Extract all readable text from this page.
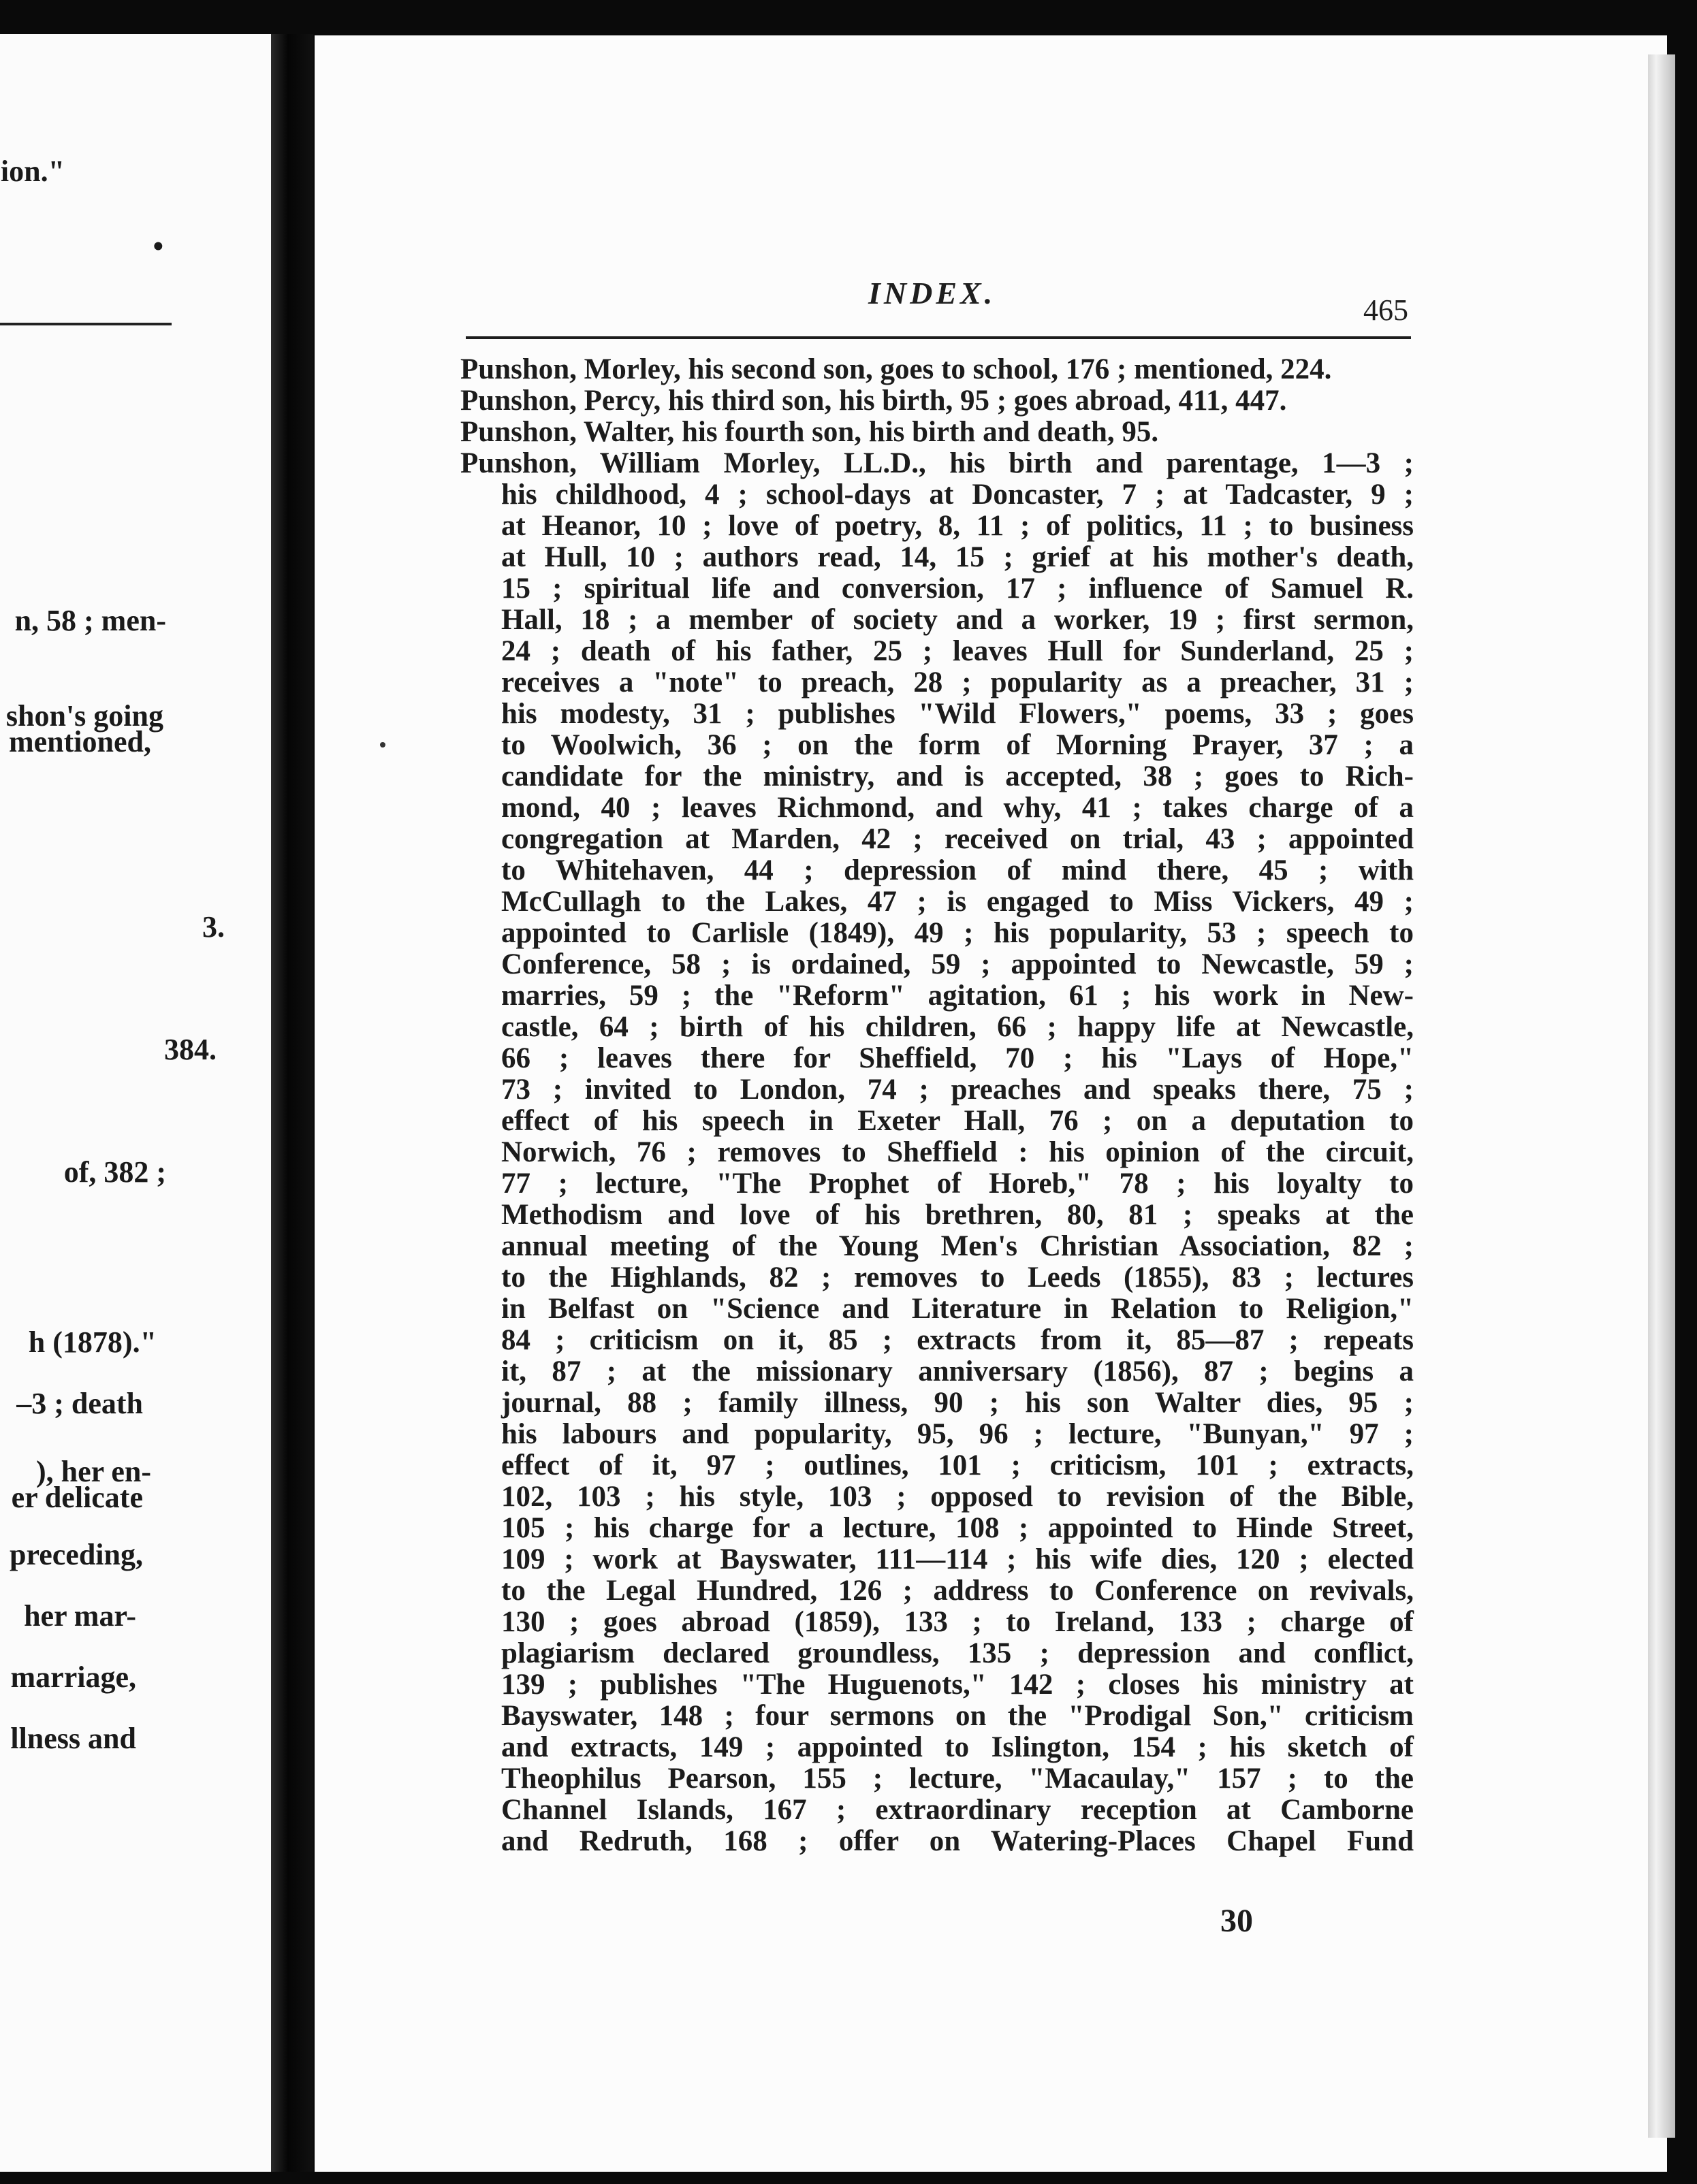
ion."
•
n, 58 ; men-
shon's going
mentioned,
3.
384.
of, 382 ;
h (1878)."
–3 ; death
), her en-
er delicate
preceding,
her mar-
marriage,
llness and
INDEX.	465
Punshon, Morley, his second son, goes to school, 176 ; mentioned, 224.
Punshon, Percy, his third son, his birth, 95 ; goes abroad, 411, 447.
Punshon, Walter, his fourth son, his birth and death, 95.
Punshon, William Morley, LL.D., his birth and parentage, 1—3 ;
his childhood, 4 ; school-days at Doncaster, 7 ; at Tadcaster, 9 ;
at Heanor, 10 ; love of poetry, 8, 11 ; of politics, 11 ; to business
at Hull, 10 ; authors read, 14, 15 ; grief at his mother's death,
15 ; spiritual life and conversion, 17 ; influence of Samuel R.
Hall, 18 ; a member of society and a worker, 19 ; first sermon,
24 ; death of his father, 25 ; leaves Hull for Sunderland, 25 ;
receives a "note" to preach, 28 ; popularity as a preacher, 31 ;
his modesty, 31 ; publishes "Wild Flowers," poems, 33 ; goes
to Woolwich, 36 ; on the form of Morning Prayer, 37 ; a
candidate for the ministry, and is accepted, 38 ; goes to Rich-
mond, 40 ; leaves Richmond, and why, 41 ; takes charge of a
congregation at Marden, 42 ; received on trial, 43 ; appointed
to Whitehaven, 44 ; depression of mind there, 45 ; with
McCullagh to the Lakes, 47 ; is engaged to Miss Vickers, 49 ;
appointed to Carlisle (1849), 49 ; his popularity, 53 ; speech to
Conference, 58 ; is ordained, 59 ; appointed to Newcastle, 59 ;
marries, 59 ; the "Reform" agitation, 61 ; his work in New-
castle, 64 ; birth of his children, 66 ; happy life at Newcastle,
66 ; leaves there for Sheffield, 70 ; his "Lays of Hope,"
73 ; invited to London, 74 ; preaches and speaks there, 75 ;
effect of his speech in Exeter Hall, 76 ; on a deputation to
Norwich, 76 ; removes to Sheffield : his opinion of the circuit,
77 ; lecture, "The Prophet of Horeb," 78 ; his loyalty to
Methodism and love of his brethren, 80, 81 ; speaks at the
annual meeting of the Young Men's Christian Association, 82 ;
to the Highlands, 82 ; removes to Leeds (1855), 83 ; lectures
in Belfast on "Science and Literature in Relation to Religion,"
84 ; criticism on it, 85 ; extracts from it, 85—87 ; repeats
it, 87 ; at the missionary anniversary (1856), 87 ; begins a
journal, 88 ; family illness, 90 ; his son Walter dies, 95 ;
his labours and popularity, 95, 96 ; lecture, "Bunyan," 97 ;
effect of it, 97 ; outlines, 101 ; criticism, 101 ; extracts,
102, 103 ; his style, 103 ; opposed to revision of the Bible,
105 ; his charge for a lecture, 108 ; appointed to Hinde Street,
109 ; work at Bayswater, 111—114 ; his wife dies, 120 ; elected
to the Legal Hundred, 126 ; address to Conference on revivals,
130 ; goes abroad (1859), 133 ; to Ireland, 133 ; charge of
plagiarism declared groundless, 135 ; depression and conflict,
139 ; publishes "The Huguenots," 142 ; closes his ministry at
Bayswater, 148 ; four sermons on the "Prodigal Son," criticism
and extracts, 149 ; appointed to Islington, 154 ; his sketch of
Theophilus Pearson, 155 ; lecture, "Macaulay," 157 ; to the
Channel Islands, 167 ; extraordinary reception at Camborne
and Redruth, 168 ; offer on Watering-Places Chapel Fund
30
